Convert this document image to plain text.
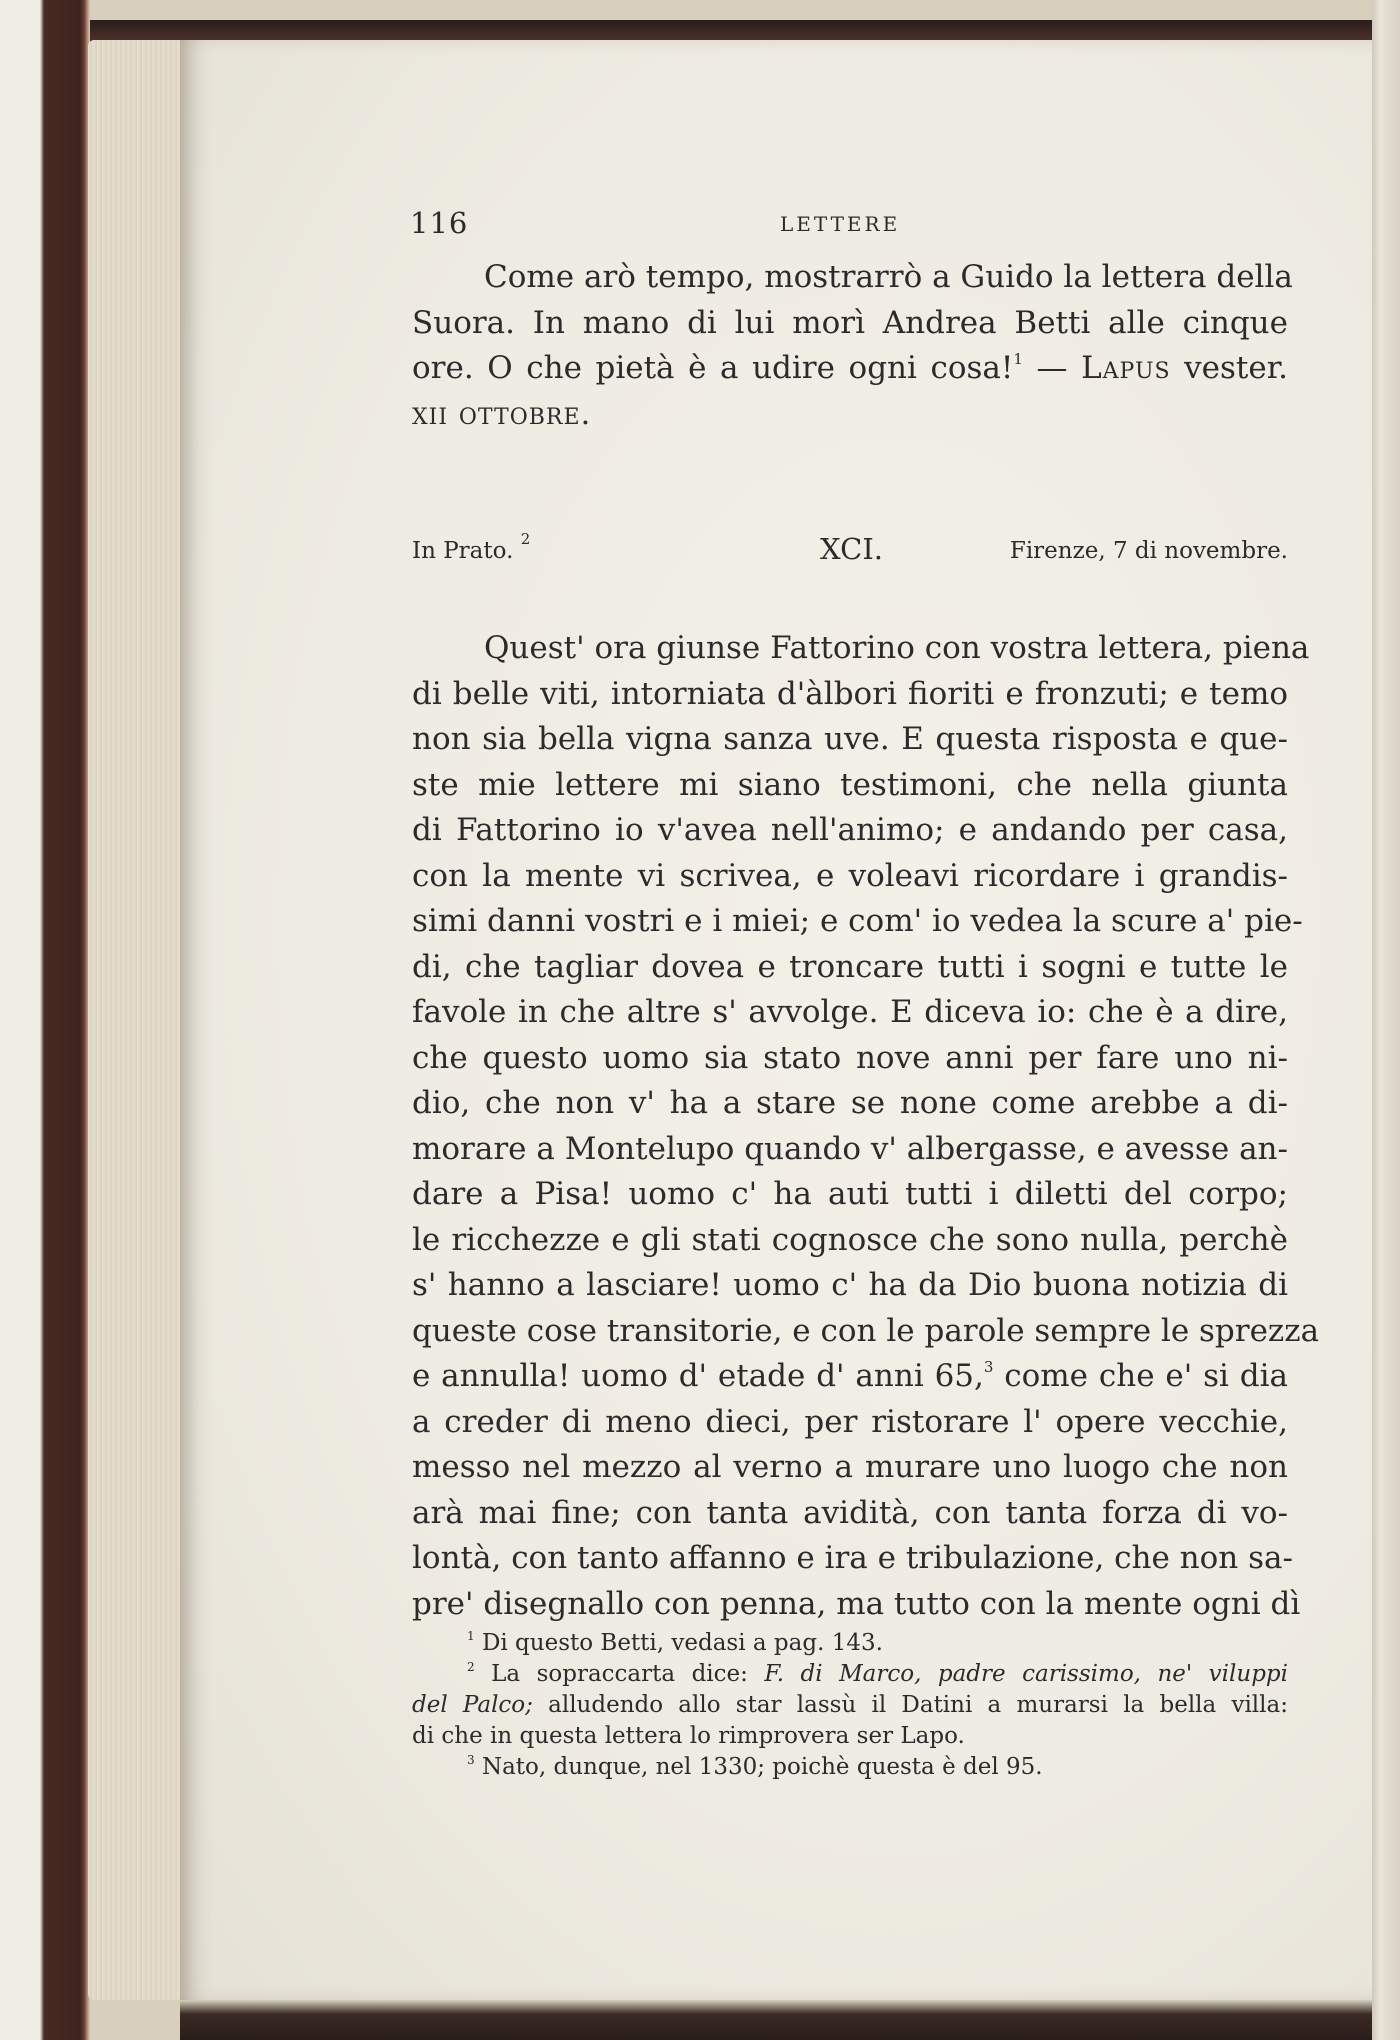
116	LETTERE
Come arò tempo, mostrarrò a Guido la lettera della
Suora. In mano di lui morì Andrea Betti alle cinque
ore. O che pietà è a udire ogni cosa!$^1$ — Lapus vester.
xii ottobre.
In Prato. $^2$	XCI.	Firenze, 7 di novembre.
Quest' ora giunse Fattorino con vostra lettera, piena
di belle viti, intorniata d'àlbori fioriti e fronzuti; e temo
non sia bella vigna sanza uve. E questa risposta e que-
ste mie lettere mi siano testimoni, che nella giunta
di Fattorino io v'avea nell'animo; e andando per casa,
con la mente vi scrivea, e voleavi ricordare i grandis-
simi danni vostri e i miei; e com' io vedea la scure a' pie-
di, che tagliar dovea e troncare tutti i sogni e tutte le
favole in che altre s' avvolge. E diceva io: che è a dire,
che questo uomo sia stato nove anni per fare uno ni-
dio, che non v' ha a stare se none come arebbe a di-
morare a Montelupo quando v' albergasse, e avesse an-
dare a Pisa! uomo c' ha auti tutti i diletti del corpo;
le ricchezze e gli stati cognosce che sono nulla, perchè
s' hanno a lasciare! uomo c' ha da Dio buona notizia di
queste cose transitorie, e con le parole sempre le sprezza
e annulla! uomo d' etade d' anni 65,$^3$ come che e' si dia
a creder di meno dieci, per ristorare l' opere vecchie,
messo nel mezzo al verno a murare uno luogo che non
arà mai fine; con tanta avidità, con tanta forza di vo-
lontà, con tanto affanno e ira e tribulazione, che non sa-
pre' disegnallo con penna, ma tutto con la mente ogni dì
$^1$ Di questo Betti, vedasi a pag. 143.
$^2$ La sopraccarta dice: F. di Marco, padre carissimo, ne' viluppi
del Palco; alludendo allo star lassù il Datini a murarsi la bella villa:
di che in questa lettera lo rimprovera ser Lapo.
$^3$ Nato, dunque, nel 1330; poichè questa è del 95.
